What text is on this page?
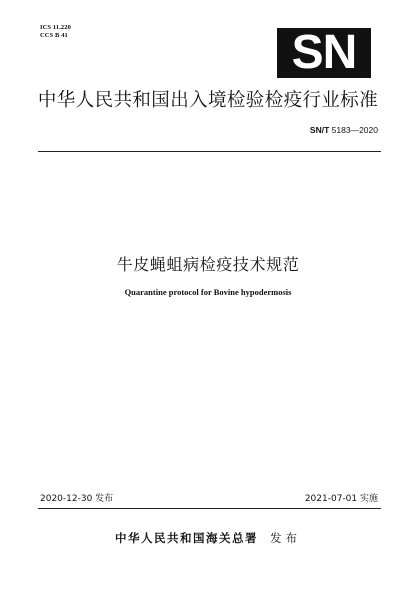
ICS 11.220
CCS B 41	SN
中华人民共和国出入境检验检疫行业标准
SN/T 5183—2020
牛皮蝇蛆病检疫技术规范
Quarantine protocol for Bovine hypodermosis
2020-12-30 发布	2021-07-01 实施
中华人民共和国海关总署 发布
